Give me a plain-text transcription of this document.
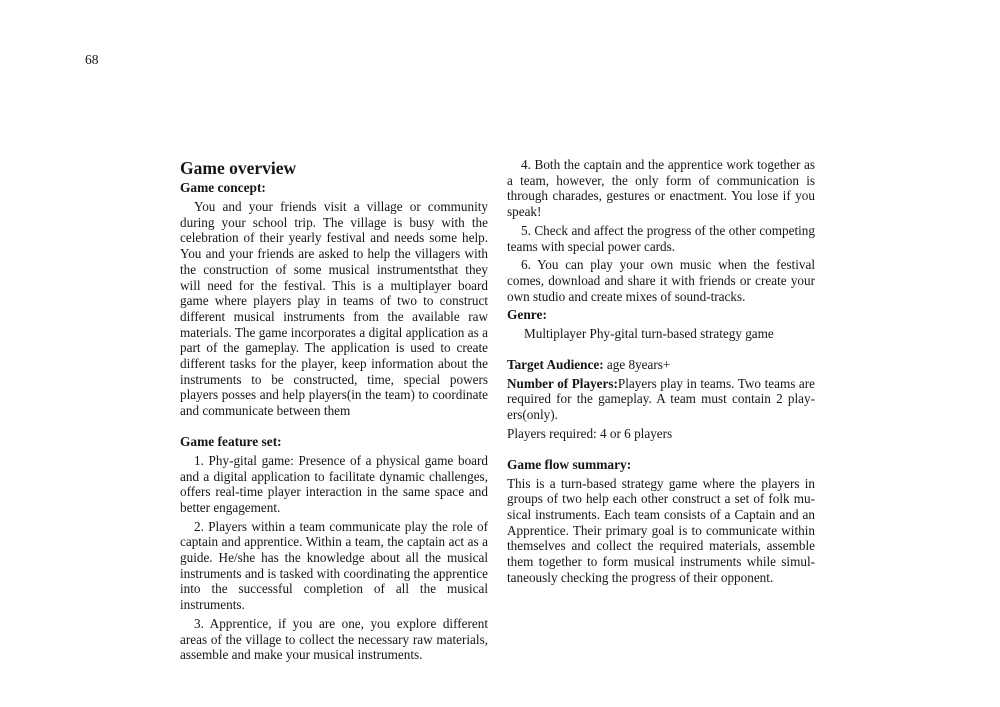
68
Game overview
Game concept:

You and your friends visit a village or community during your school trip. The village is busy with the celebration of their yearly festival and needs some help. You and your friends are asked to help the villagers with the construction of some musical instrumentsthat they will need for the festival. This is a multiplayer board game where players play in teams of two to construct different musical instruments from the available raw materials. The game incorporates a digital application as a part of the gameplay. The application is used to create different tasks for the player, keep information about the instruments to be constructed, time, special powers players posses and help players(in the team) to coordinate and communicate between them

Game feature set:

1. Phy-gital game: Presence of a physical game board and a digital application to facilitate dynamic challenges, offers real-time player interaction in the same space and better engagement.

2. Players within a team communicate play the role of captain and apprentice. Within a team, the captain act as a guide. He/she has the knowledge about all the musical instruments and is tasked with coordinating the apprentice into the successful completion of all the musical instruments.

3. Apprentice, if you are one, you explore different areas of the village to collect the necessary raw materials, assemble and make your musical instruments.

4. Both the captain and the apprentice work together as a team, however, the only form of communication is through charades, gestures or enactment. You lose if you speak!

5. Check and affect the progress of the other competing teams with special power cards.

6. You can play your own music when the festival comes, download and share it with friends or create your own studio and create mixes of sound-tracks.

Genre:

Multiplayer Phy-gital turn-based strategy game

Target Audience: age 8years+

Number of Players:Players play in teams. Two teams are required for the gameplay. A team must contain 2 play-ers(only).

Players required: 4 or 6 players

Game flow summary:

This is a turn-based strategy game where the players in groups of two help each other construct a set of folk mu-sical instruments. Each team consists of a Captain and an Apprentice. Their primary goal is to communicate within themselves and collect the required materials, assemble them together to form musical instruments while simul-taneously checking the progress of their opponent.
